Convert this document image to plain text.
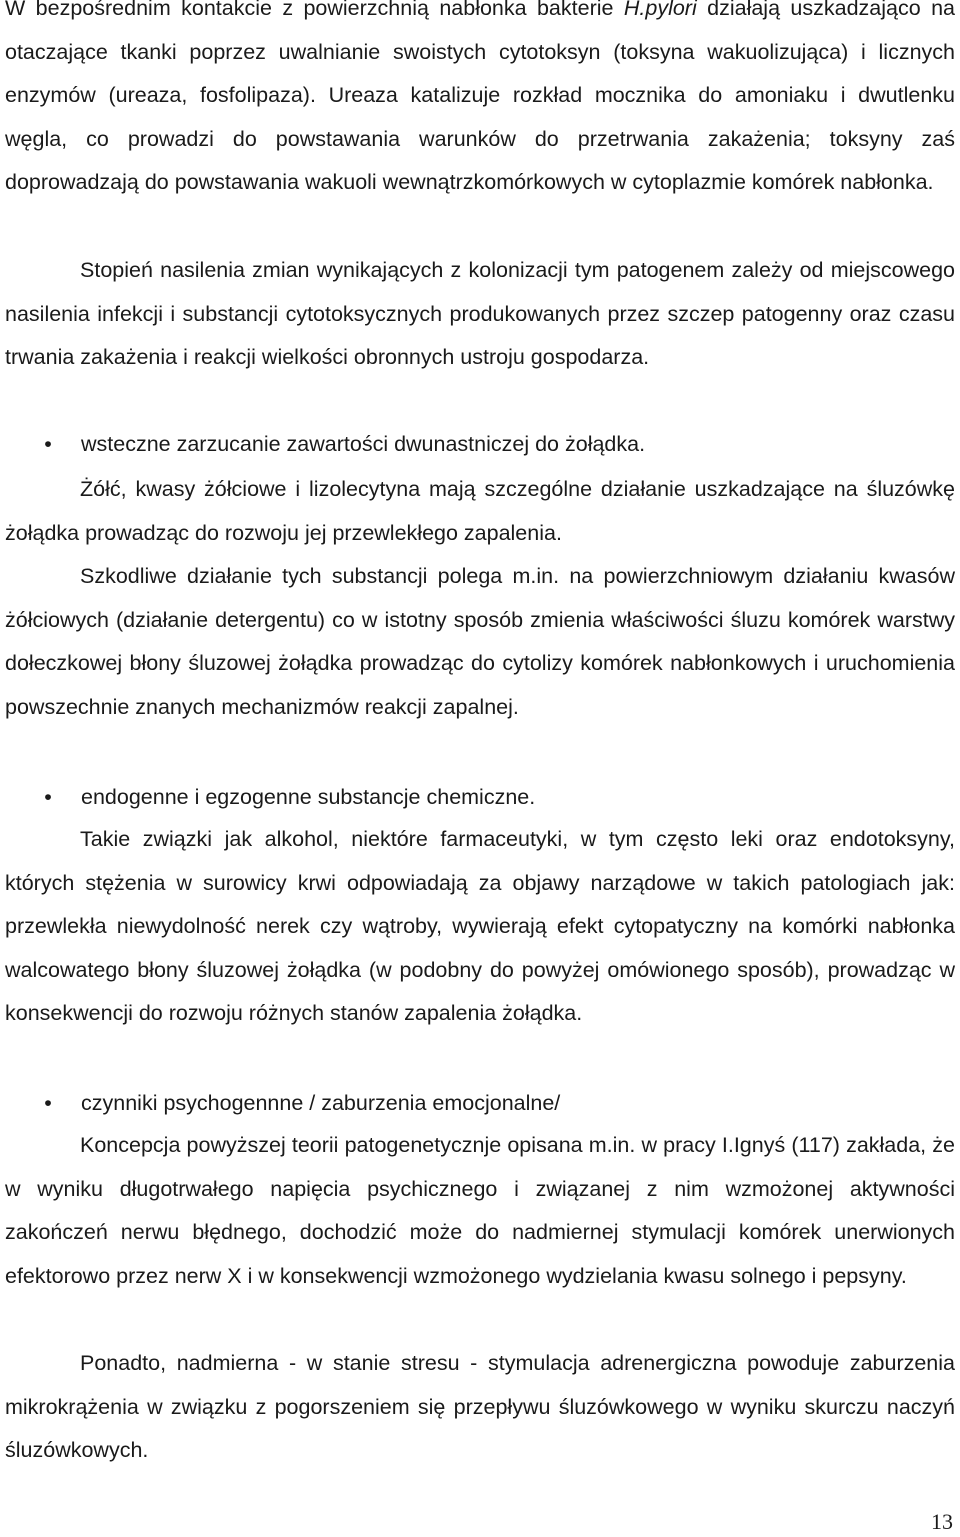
W bezpośrednim kontakcie z powierzchnią nabłonka bakterie H.pylori działają uszkadzająco na otaczające tkanki poprzez uwalnianie swoistych cytotoksyn (toksyna wakuolizująca) i licznych enzymów (ureaza, fosfolipaza). Ureaza katalizuje rozkład mocznika do amoniaku i dwutlenku węgla, co prowadzi do powstawania warunków do przetrwania zakażenia; toksyny zaś doprowadzają do powstawania wakuoli wewnątrzkomórkowych w cytoplazmie komórek nabłonka.
Stopień nasilenia zmian wynikających z kolonizacji tym patogenem zależy od miejscowego nasilenia infekcji i substancji cytotoksycznych produkowanych przez szczep patogenny oraz czasu trwania zakażenia i reakcji wielkości obronnych ustroju gospodarza.
• wsteczne zarzucanie zawartości dwunastniczej do żołądka.
Żółć, kwasy żółciowe i lizolecytyna mają szczególne działanie uszkadzające na śluzówkę żołądka prowadząc do rozwoju jej przewlekłego zapalenia.
Szkodliwe działanie tych substancji polega m.in. na powierzchniowym działaniu kwasów żółciowych (działanie detergentu) co w istotny sposób zmienia właściwości śluzu komórek warstwy dołeczkowej błony śluzowej żołądka prowadząc do cytolizy komórek nabłonkowych i uruchomienia powszechnie znanych mechanizmów reakcji zapalnej.
• endogenne i egzogenne substancje chemiczne.
Takie związki jak alkohol, niektóre farmaceutyki, w tym często leki oraz endotoksyny, których stężenia w surowicy krwi odpowiadają za objawy narządowe w takich patologiach jak: przewlekła niewydolność nerek czy wątroby, wywierają efekt cytopatyczny na komórki nabłonka walcowatego błony śluzowej żołądka (w podobny do powyżej omówionego sposób), prowadząc w konsekwencji do rozwoju różnych stanów zapalenia żołądka.
• czynniki psychogennne / zaburzenia emocjonalne/
Koncepcja powyższej teorii patogenetycznje opisana m.in. w pracy I.Ignyś (117) zakłada, że w wyniku długotrwałego napięcia psychicznego i związanej z nim wzmożonej aktywności zakończeń nerwu błędnego, dochodzić może do nadmiernej stymulacji komórek unerwionych efektorowo przez nerw X i w konsekwencji wzmożonego wydzielania kwasu solnego i pepsyny.
Ponadto, nadmierna - w stanie stresu - stymulacja adrenergiczna powoduje zaburzenia mikrokrążenia w związku z pogorszeniem się przepływu śluzówkowego w wyniku skurczu naczyń śluzówkowych.
13
